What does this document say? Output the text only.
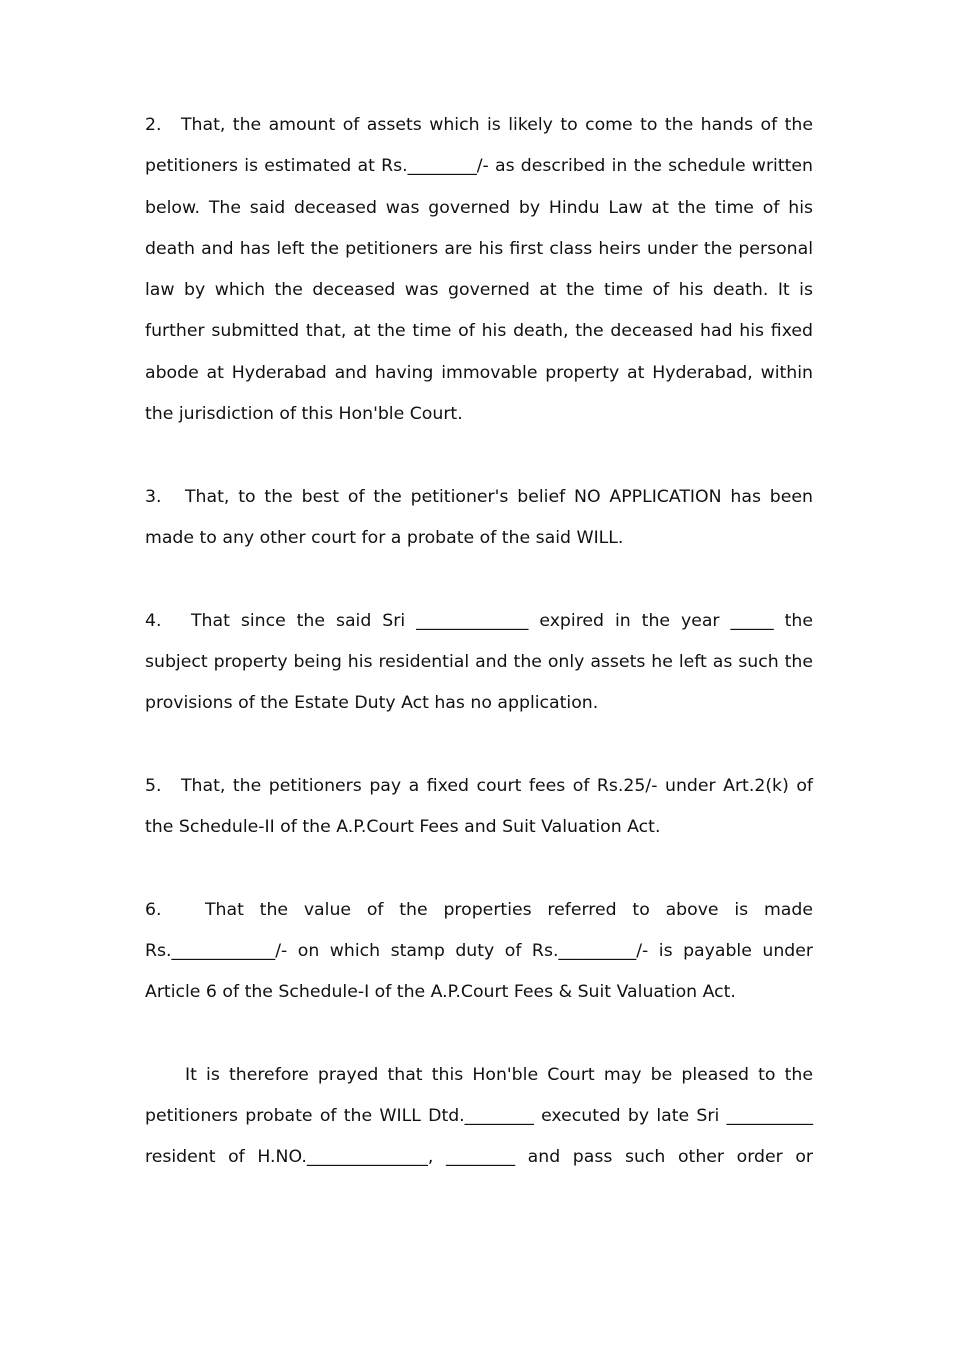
2. That, the amount of assets which is likely to come to the hands of the petitioners is estimated at Rs.________/- as described in the schedule written below. The said deceased was governed by Hindu Law at the time of his death and has left the petitioners are his first class heirs under the personal law by which the deceased was governed at the time of his death. It is further submitted that, at the time of his death, the deceased had his fixed abode at Hyderabad and having immovable property at Hyderabad, within the jurisdiction of this Hon'ble Court.

3. That, to the best of the petitioner's belief NO APPLICATION has been made to any other court for a probate of the said WILL.

4. That since the said Sri _____________ expired in the year _____ the subject property being his residential and the only assets he left as such the provisions of the Estate Duty Act has no application.

5. That, the petitioners pay a fixed court fees of Rs.25/- under Art.2(k) of the Schedule-II of the A.P.Court Fees and Suit Valuation Act.

6.	That the value of the properties referred to above is made Rs.____________/- on which stamp duty of Rs._________/- is payable under Article 6 of the Schedule-I of the A.P.Court Fees & Suit Valuation Act.

It is therefore prayed that this Hon'ble Court may be pleased to the petitioners probate of the WILL Dtd.________ executed by late Sri __________ resident of H.NO.______________, ________ and pass such other order or
